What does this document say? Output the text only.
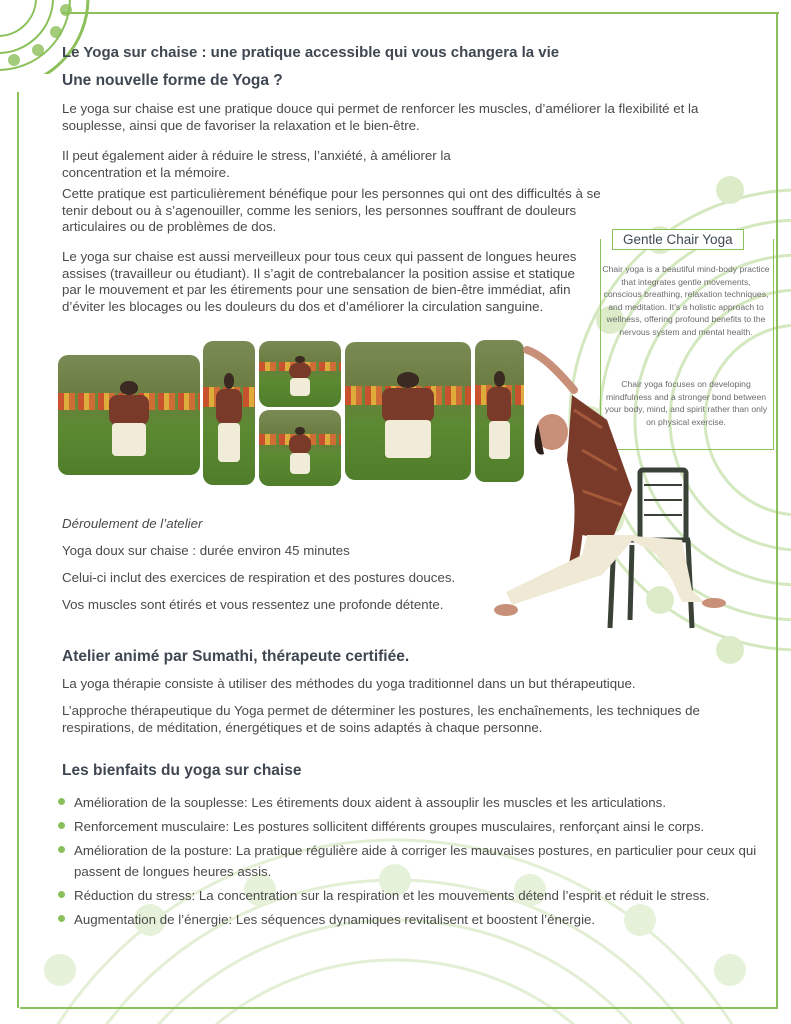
Le Yoga sur chaise : une pratique accessible qui vous changera la vie
Une nouvelle forme de Yoga ?

Le yoga sur chaise est une pratique douce qui permet de renforcer les muscles, d’améliorer la flexibilité et la souplesse, ainsi que de favoriser la relaxation et le bien-être.

Il peut également aider à réduire le stress, l’anxiété, à améliorer la concentration et la mémoire.

Cette pratique est particulièrement bénéfique pour les personnes qui ont des difficultés à se tenir debout ou à s’agenouiller, comme les seniors, les personnes souffrant de douleurs articulaires ou de problèmes de dos.

Le yoga sur chaise est aussi merveilleux pour tous ceux qui passent de longues heures assises (travailleur ou étudiant). Il s’agit de contrebalancer la position assise et statique par le mouvement et par les étirements pour une sensation de bien-être immédiat, afin d’éviter les blocages ou les douleurs du dos et d’améliorer la circulation sanguine.

Gentle Chair Yoga

Chair yoga is a beautiful mind-body practice that integrates gentle movements, conscious breathing, relaxation techniques, and meditation. It's a holistic approach to wellness, offering profound benefits to the nervous system and mental health.

Chair yoga focuses on developing mindfulness and a stronger bond between your body, mind, and spirit rather than only on physical exercise.

Déroulement de l’atelier

Yoga doux sur chaise : durée environ 45 minutes

Celui-ci inclut des exercices de respiration et des postures douces.

Vos muscles sont étirés et vous ressentez une profonde détente.

Atelier animé par Sumathi, thérapeute certifiée.

La yoga thérapie consiste à utiliser des méthodes du yoga traditionnel dans un but thérapeutique.

L’approche thérapeutique du Yoga permet de déterminer les postures, les enchaînements, les techniques de respirations, de méditation, énergétiques et de soins adaptés à chaque personne.

Les bienfaits du yoga sur chaise
Amélioration de la souplesse: Les étirements doux aident à assouplir les muscles et les articulations.
Renforcement musculaire: Les postures sollicitent différents groupes musculaires, renforçant ainsi le corps.
Amélioration de la posture: La pratique régulière aide à corriger les mauvaises postures, en particulier pour ceux qui passent de longues heures assis.
Réduction du stress: La concentration sur la respiration et les mouvements détend l’esprit et réduit le stress.
Augmentation de l’énergie: Les séquences dynamiques revitalisent et boostent l’énergie.
